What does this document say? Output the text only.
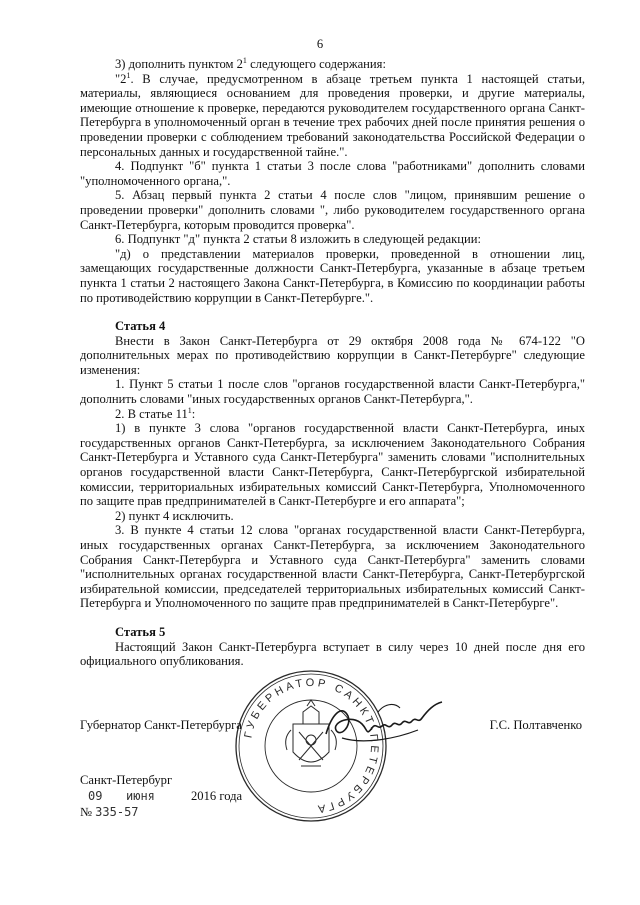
6

3) дополнить пунктом $2^1$ следующего содержания:

"$2^1$. В случае, предусмотренном в абзаце третьем пункта 1 настоящей статьи, материалы, являющиеся основанием для проведения проверки, и другие материалы, имеющие отношение к проверке, передаются руководителем государственного органа Санкт-Петербурга в уполномоченный орган в течение трех рабочих дней после принятия решения о проведении проверки с соблюдением требований законодательства Российской Федерации о персональных данных и государственной тайне.".

4. Подпункт "б" пункта 1 статьи 3 после слова "работниками" дополнить словами "уполномоченного органа,".

5. Абзац первый пункта 2 статьи 4 после слов "лицом, принявшим решение о проведении проверки" дополнить словами ", либо руководителем государственного органа Санкт-Петербурга, которым проводится проверка".

6. Подпункт "д" пункта 2 статьи 8 изложить в следующей редакции:

"д) о представлении материалов проверки, проведенной в отношении лиц, замещающих государственные должности Санкт-Петербурга, указанные в абзаце третьем пункта 1 статьи 2 настоящего Закона Санкт-Петербурга, в Комиссию по координации работы по противодействию коррупции в Санкт-Петербурге.".

Статья 4

Внести в Закон Санкт-Петербурга от 29 октября 2008 года № 674-122 "О дополнительных мерах по противодействию коррупции в Санкт-Петербурге" следующие изменения:

1. Пункт 5 статьи 1 после слов "органов государственной власти Санкт-Петербурга," дополнить словами "иных государственных органов Санкт-Петербурга,".

2. В статье $11^1$:

1) в пункте 3 слова "органов государственной власти Санкт-Петербурга, иных государственных органов Санкт-Петербурга, за исключением Законодательного Собрания Санкт-Петербурга и Уставного суда Санкт-Петербурга" заменить словами "исполнительных органов государственной власти Санкт-Петербурга, Санкт-Петербургской избирательной комиссии, территориальных избирательных комиссий Санкт-Петербурга, Уполномоченного по защите прав предпринимателей в Санкт-Петербурге и его аппарата";

2) пункт 4 исключить.

3. В пункте 4 статьи 12 слова "органах государственной власти Санкт-Петербурга, иных государственных органах Санкт-Петербурга, за исключением Законодательного Собрания Санкт-Петербурга и Уставного суда Санкт-Петербурга" заменить словами "исполнительных органах государственной власти Санкт-Петербурга, Санкт-Петербургской избирательной комиссии, председателей территориальных избирательных комиссий Санкт-Петербурга и Уполномоченного по защите прав предпринимателей в Санкт-Петербурге".

Статья 5

Настоящий Закон Санкт-Петербурга вступает в силу через 10 дней после дня его официального опубликования.

ГУБЕРНАТОР САНКТ-ПЕТЕРБУРГА
Губернатор Санкт-Петербурга	Г.С. Полтавченко
Санкт-Петербург
09 июня	2016 года
№ 335-57
